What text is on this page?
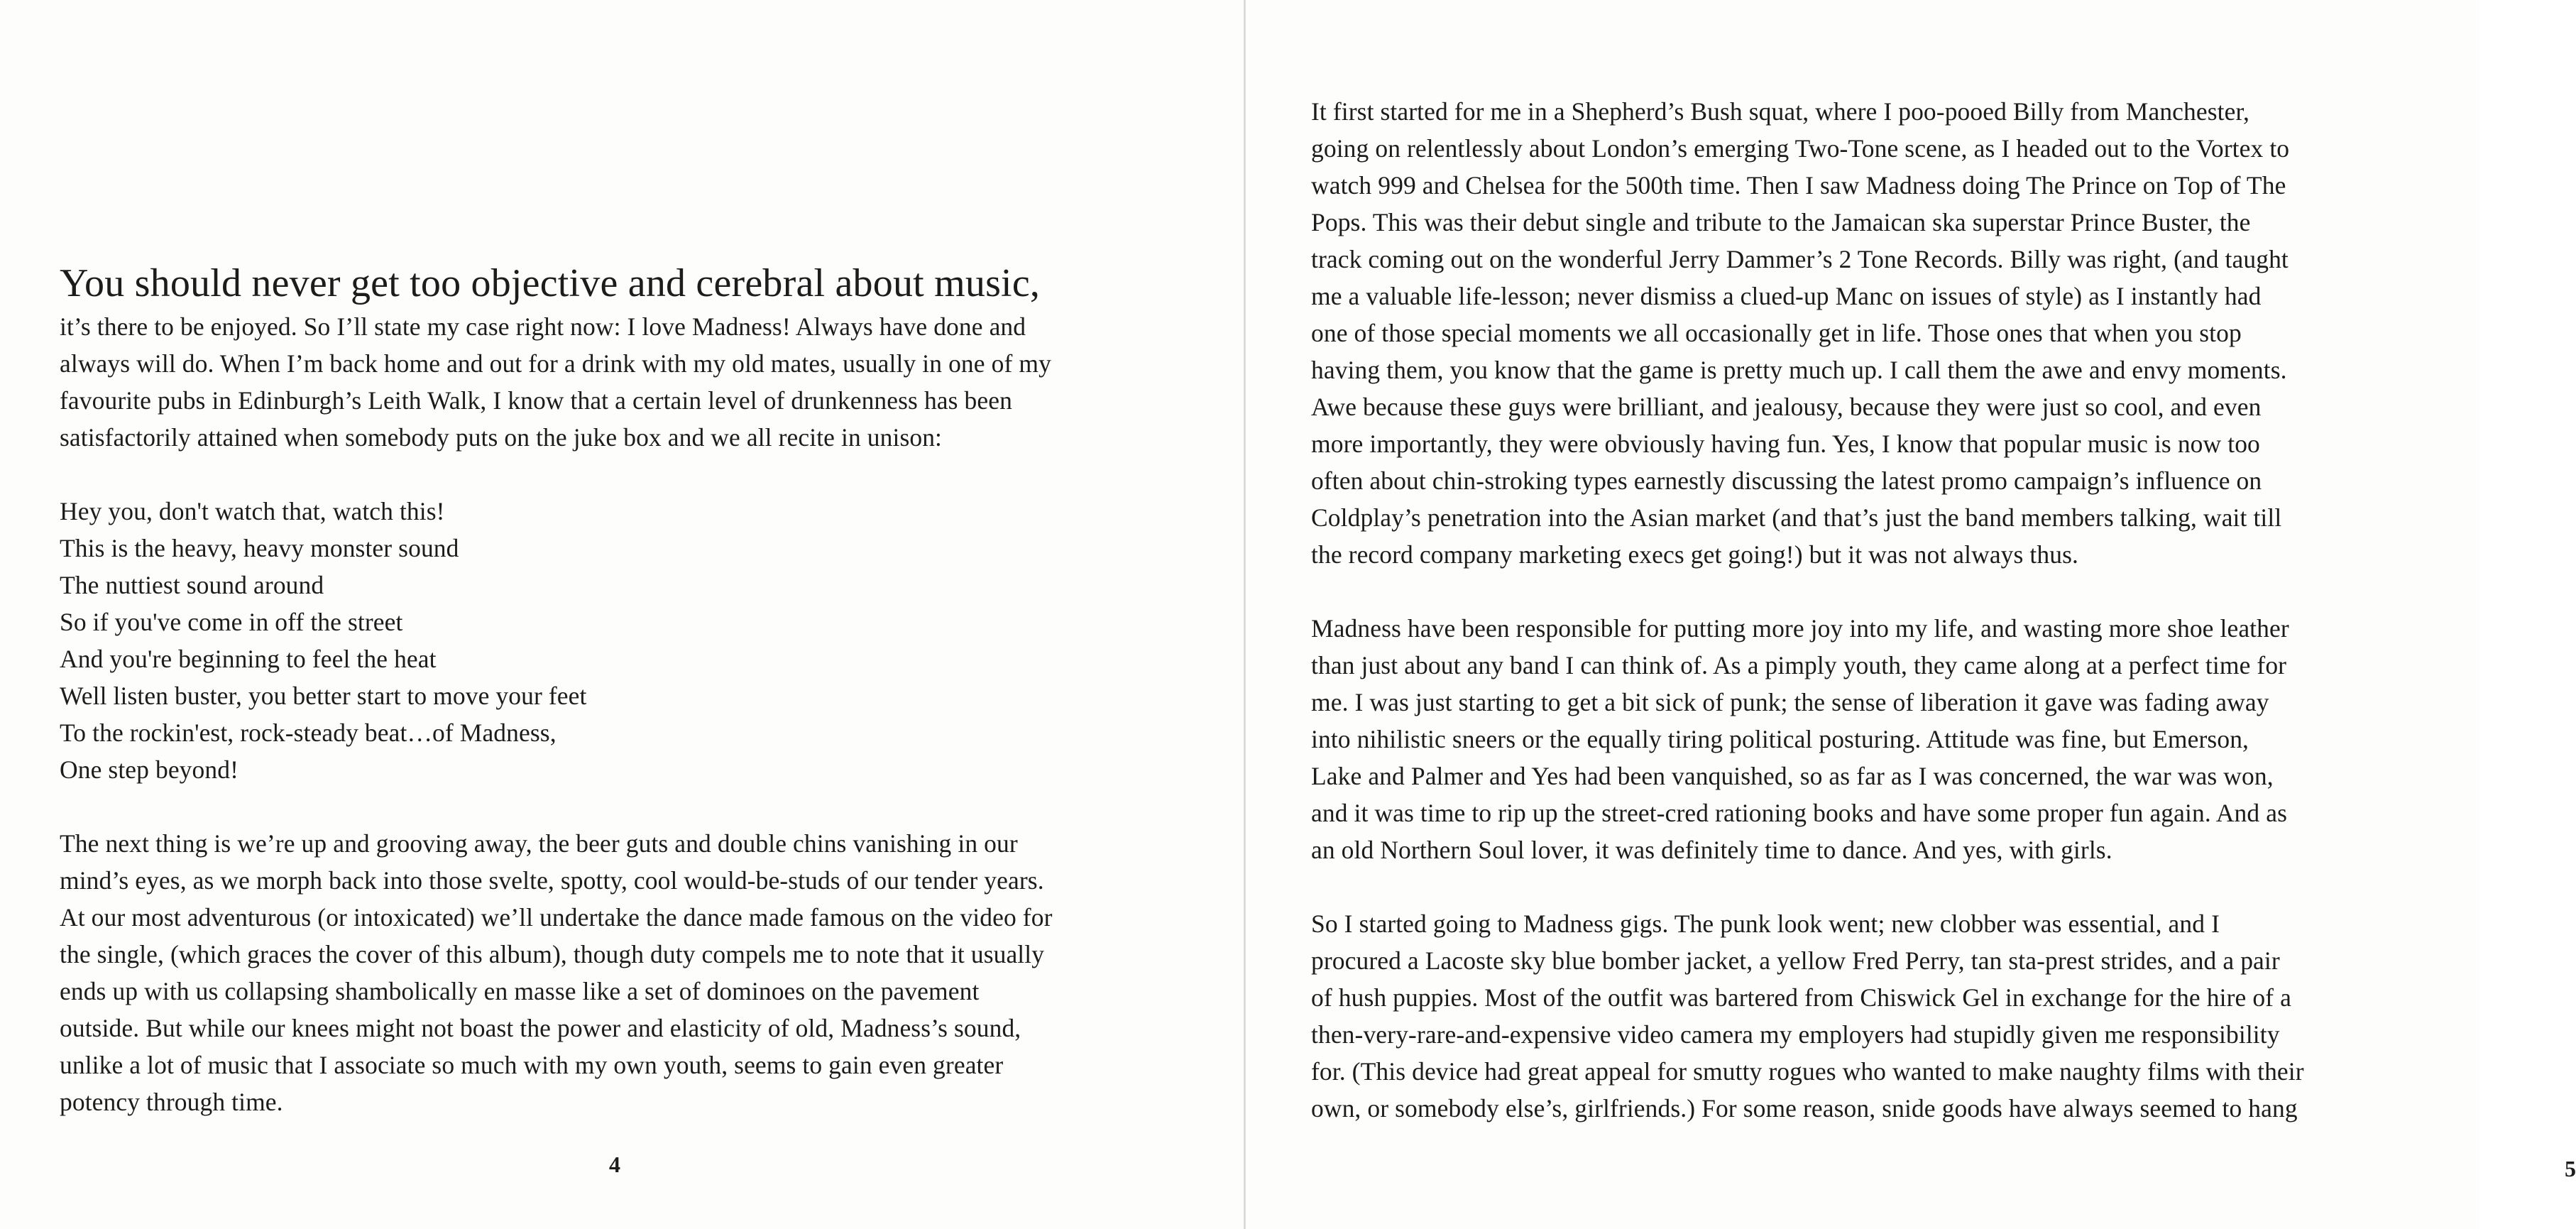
You should never get too objective and cerebral about music,
it’s there to be enjoyed. So I’ll state my case right now: I love Madness! Always have done and
always will do. When I’m back home and out for a drink with my old mates, usually in one of my
favourite pubs in Edinburgh’s Leith Walk, I know that a certain level of drunkenness has been
satisfactorily attained when somebody puts on the juke box and we all recite in unison:
Hey you, don't watch that, watch this!
This is the heavy, heavy monster sound
The nuttiest sound around
So if you've come in off the street
And you're beginning to feel the heat
Well listen buster, you better start to move your feet
To the rockin'est, rock-steady beat…of Madness,
One step beyond!
The next thing is we’re up and grooving away, the beer guts and double chins vanishing in our
mind’s eyes, as we morph back into those svelte, spotty, cool would-be-studs of our tender years.
At our most adventurous (or intoxicated) we’ll undertake the dance made famous on the video for
the single, (which graces the cover of this album), though duty compels me to note that it usually
ends up with us collapsing shambolically en masse like a set of dominoes on the pavement
outside. But while our knees might not boast the power and elasticity of old, Madness’s sound,
unlike a lot of music that I associate so much with my own youth, seems to gain even greater
potency through time.
4
It first started for me in a Shepherd’s Bush squat, where I poo-pooed Billy from Manchester,
going on relentlessly about London’s emerging Two-Tone scene, as I headed out to the Vortex to
watch 999 and Chelsea for the 500th time. Then I saw Madness doing The Prince on Top of The
Pops. This was their debut single and tribute to the Jamaican ska superstar Prince Buster, the
track coming out on the wonderful Jerry Dammer’s 2 Tone Records. Billy was right, (and taught
me a valuable life-lesson; never dismiss a clued-up Manc on issues of style) as I instantly had
one of those special moments we all occasionally get in life. Those ones that when you stop
having them, you know that the game is pretty much up. I call them the awe and envy moments.
Awe because these guys were brilliant, and jealousy, because they were just so cool, and even
more importantly, they were obviously having fun. Yes, I know that popular music is now too
often about chin-stroking types earnestly discussing the latest promo campaign’s influence on
Coldplay’s penetration into the Asian market (and that’s just the band members talking, wait till
the record company marketing execs get going!) but it was not always thus.
Madness have been responsible for putting more joy into my life, and wasting more shoe leather
than just about any band I can think of. As a pimply youth, they came along at a perfect time for
me. I was just starting to get a bit sick of punk; the sense of liberation it gave was fading away
into nihilistic sneers or the equally tiring political posturing. Attitude was fine, but Emerson,
Lake and Palmer and Yes had been vanquished, so as far as I was concerned, the war was won,
and it was time to rip up the street-cred rationing books and have some proper fun again. And as
an old Northern Soul lover, it was definitely time to dance. And yes, with girls.
So I started going to Madness gigs. The punk look went; new clobber was essential, and I
procured a Lacoste sky blue bomber jacket, a yellow Fred Perry, tan sta-prest strides, and a pair
of hush puppies. Most of the outfit was bartered from Chiswick Gel in exchange for the hire of a
then-very-rare-and-expensive video camera my employers had stupidly given me responsibility
for. (This device had great appeal for smutty rogues who wanted to make naughty films with their
own, or somebody else’s, girlfriends.) For some reason, snide goods have always seemed to hang
5
